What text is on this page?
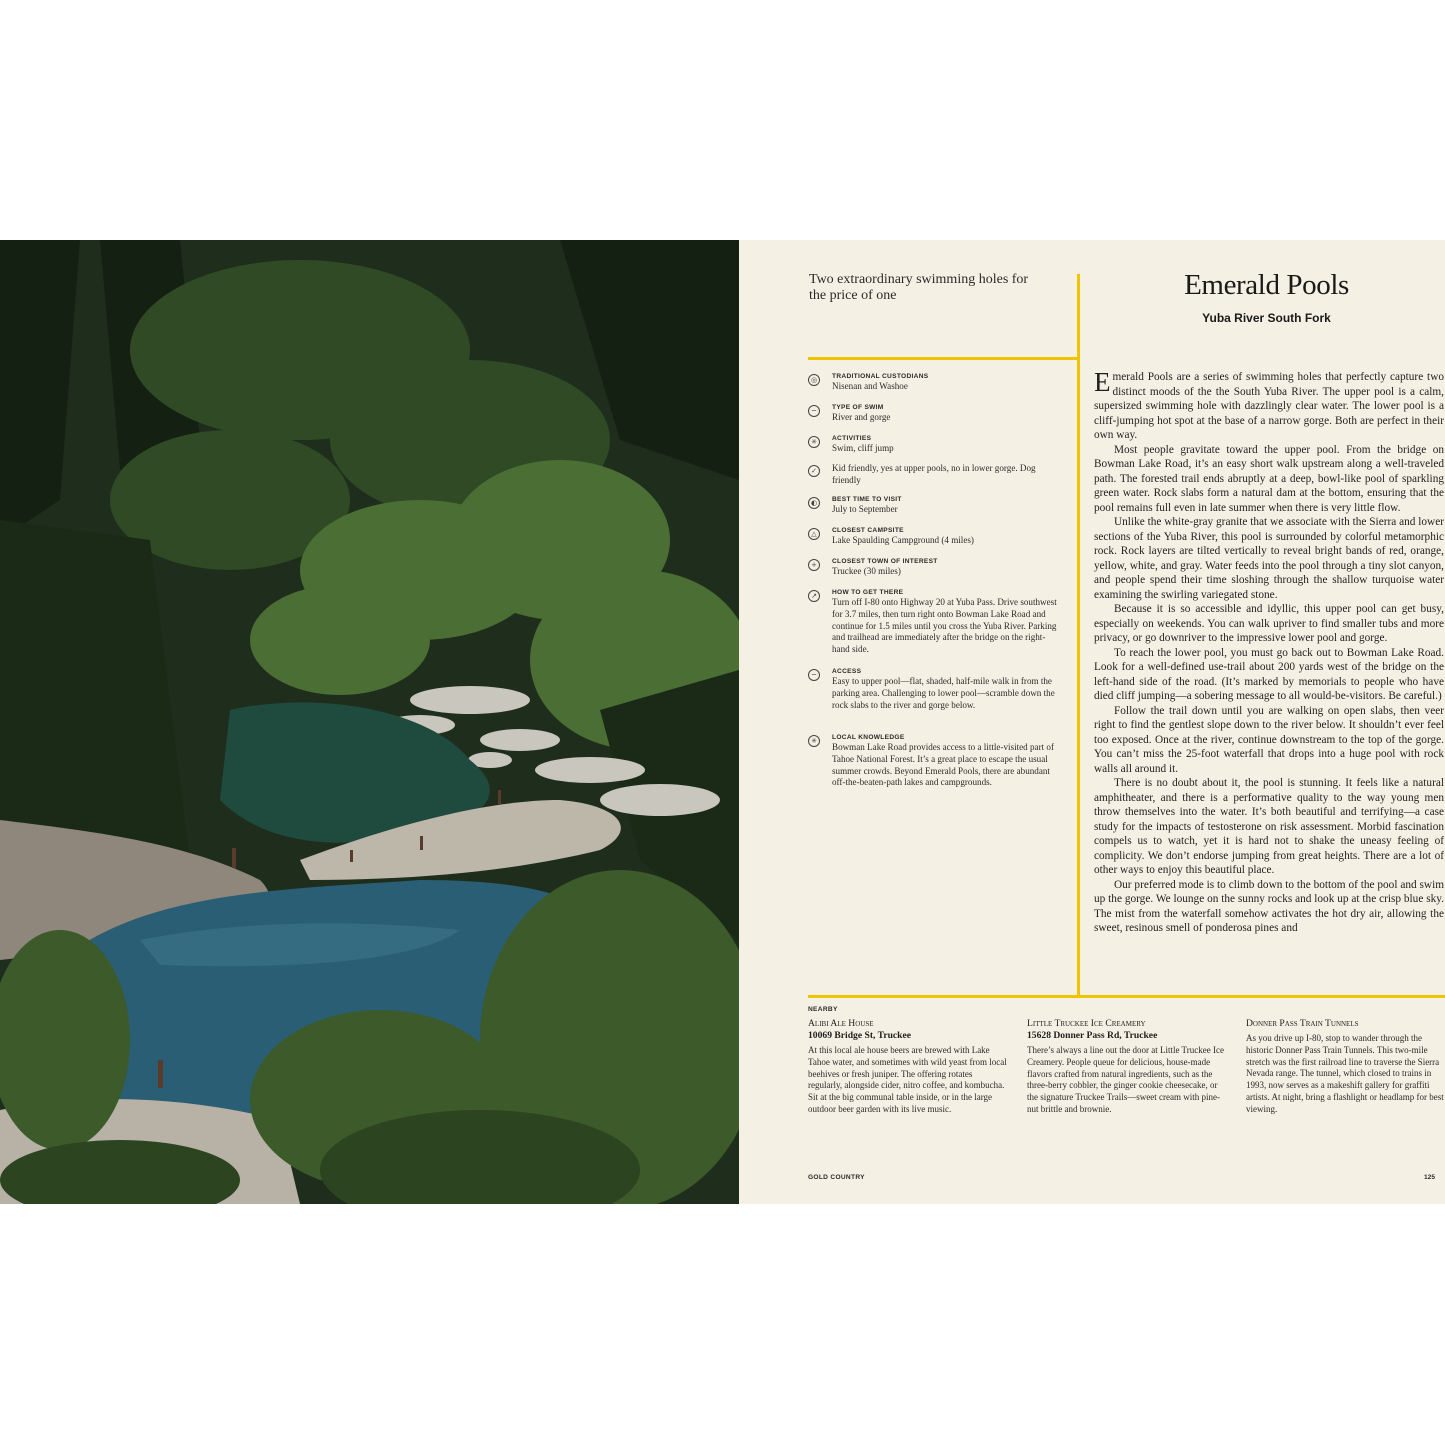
Two extraordinary swimming holes for the price of one	Emerald Pools
Yuba River South Fork
◎	TRADITIONAL CUSTODIANS
Nisenan and Washoe
─	TYPE OF SWIM
River and gorge
✳	ACTIVITIES
Swim, cliff jump
✓	Kid friendly, yes at upper pools, no in lower gorge. Dog friendly
◐	BEST TIME TO VISIT
July to September
△	CLOSEST CAMPSITE
Lake Spaulding Campground (4 miles)
+	CLOSEST TOWN OF INTEREST
Truckee (30 miles)
↗	HOW TO GET THERE
Turn off I-80 onto Highway 20 at Yuba Pass. Drive southwest for 3.7 miles, then turn right onto Bowman Lake Road and continue for 1.5 miles until you cross the Yuba River. Parking and trailhead are immediately after the bridge on the right-hand side.
─	ACCESS
Easy to upper pool—flat, shaded, half-mile walk in from the parking area. Challenging to lower pool—scramble down the rock slabs to the river and gorge below.
✳	LOCAL KNOWLEDGE
Bowman Lake Road provides access to a little-visited part of Tahoe National Forest. It’s a great place to escape the usual summer crowds. Beyond Emerald Pools, there are abundant off-the-beaten-path lakes and campgrounds.

Emerald Pools are a series of swimming holes that perfectly capture two distinct moods of the the South Yuba River. The upper pool is a calm, supersized swimming hole with dazzlingly clear water. The lower pool is a cliff-jumping hot spot at the base of a narrow gorge. Both are perfect in their own way.

Most people gravitate toward the upper pool. From the bridge on Bowman Lake Road, it’s an easy short walk upstream along a well-traveled path. The forested trail ends abruptly at a deep, bowl-like pool of sparkling green water. Rock slabs form a natural dam at the bottom, ensuring that the pool remains full even in late summer when there is very little flow.

Unlike the white-gray granite that we associate with the Sierra and lower sections of the Yuba River, this pool is surrounded by colorful metamorphic rock. Rock layers are tilted vertically to reveal bright bands of red, orange, yellow, white, and gray. Water feeds into the pool through a tiny slot canyon, and people spend their time sloshing through the shallow turquoise water examining the swirling variegated stone.

Because it is so accessible and idyllic, this upper pool can get busy, especially on weekends. You can walk upriver to find smaller tubs and more privacy, or go downriver to the impressive lower pool and gorge.

To reach the lower pool, you must go back out to Bowman Lake Road. Look for a well-defined use-trail about 200 yards west of the bridge on the left-hand side of the road. (It’s marked by memorials to people who have died cliff jumping—a sobering message to all would-be-visitors. Be careful.)

Follow the trail down until you are walking on open slabs, then veer right to find the gentlest slope down to the river below. It shouldn’t ever feel too exposed. Once at the river, continue downstream to the top of the gorge. You can’t miss the 25-foot waterfall that drops into a huge pool with rock walls all around it.

There is no doubt about it, the pool is stunning. It feels like a natural amphitheater, and there is a performative quality to the way young men throw themselves into the water. It’s both beautiful and terrifying—a case study for the impacts of testosterone on risk assessment. Morbid fascination compels us to watch, yet it is hard not to shake the uneasy feeling of complicity. We don’t endorse jumping from great heights. There are a lot of other ways to enjoy this beautiful place.

Our preferred mode is to climb down to the bottom of the pool and swim up the gorge. We lounge on the sunny rocks and look up at the crisp blue sky. The mist from the waterfall somehow activates the hot dry air, allowing the sweet, resinous smell of ponderosa pines and

NEARBY
Alibi Ale House
10069 Bridge St, Truckee
At this local ale house beers are brewed with Lake Tahoe water, and sometimes with wild yeast from local beehives or fresh juniper. The offering rotates regularly, alongside cider, nitro coffee, and kombucha. Sit at the big communal table inside, or in the large outdoor beer garden with its live music.
Little Truckee Ice Creamery
15628 Donner Pass Rd, Truckee
There’s always a line out the door at Little Truckee Ice Creamery. People queue for delicious, house-made flavors crafted from natural ingredients, such as the three-berry cobbler, the ginger cookie cheesecake, or the signature Truckee Trails—sweet cream with pine-nut brittle and brownie.
Donner Pass Train Tunnels
As you drive up I-80, stop to wander through the historic Donner Pass Train Tunnels. This two-mile stretch was the first railroad line to traverse the Sierra Nevada range. The tunnel, which closed to trains in 1993, now serves as a makeshift gallery for graffiti artists. At night, bring a flashlight or headlamp for best viewing.
GOLD COUNTRY	125
